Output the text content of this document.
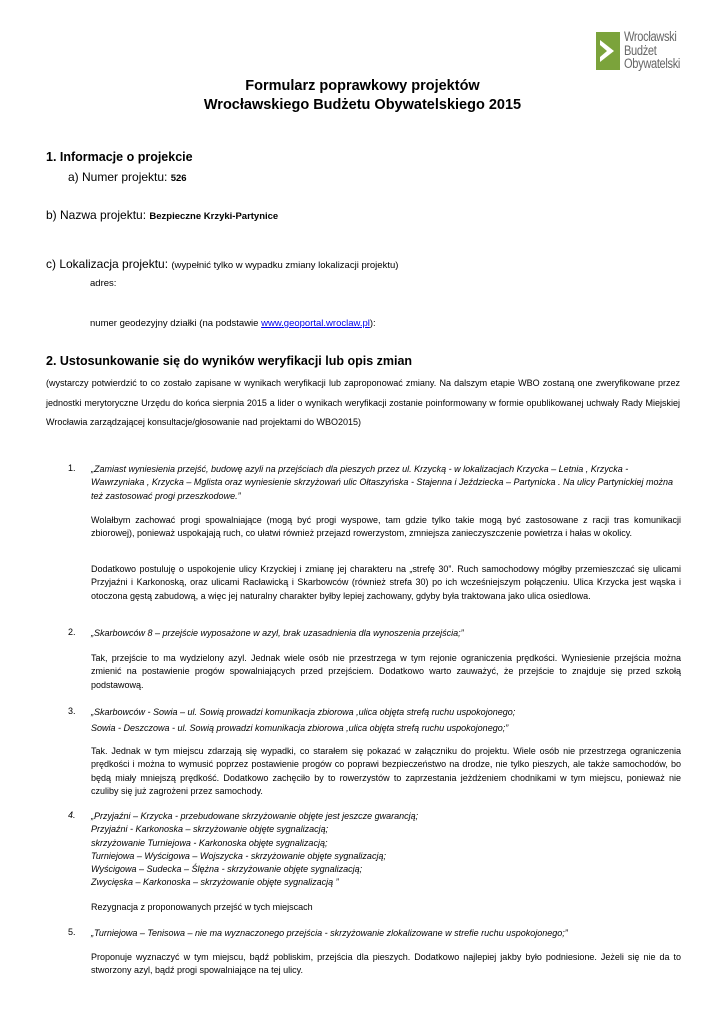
Wrocławski
Budżet
Obywatelski
Formularz poprawkowy projektów
Wrocławskiego Budżetu Obywatelskiego 2015
1. Informacje o projekcie
a) Numer projektu: 526
b) Nazwa projektu: Bezpieczne Krzyki-Partynice
c) Lokalizacja projektu: (wypełnić tylko w wypadku zmiany lokalizacji projektu)
adres:
numer geodezyjny działki (na podstawie www.geoportal.wroclaw.pl):
2. Ustosunkowanie się do wyników weryfikacji lub opis zmian
(wystarczy potwierdzić to co zostało zapisane w wynikach weryfikacji lub zaproponować zmiany. Na dalszym etapie WBO zostaną one zweryfikowane przez jednostki merytoryczne Urzędu do końca sierpnia 2015 a lider o wynikach weryfikacji zostanie poinformowany w formie opublikowanej uchwały Rady Miejskiej Wrocławia zarządzającej konsultacje/głosowanie nad projektami do WBO2015)
1. „Zamiast wyniesienia przejść, budowę azyli na przejściach dla pieszych przez ul. Krzycką - w lokalizacjach Krzycka – Letnia , Krzycka - Wawrzyniaka , Krzycka – Mglista oraz wyniesienie skrzyżowań ulic Ołtaszyńska - Stajenna i Jeździecka – Partynicka . Na ulicy Partynickiej można też zastosować progi przeszkodowe.”
Wolałbym zachować progi spowalniające (mogą być progi wyspowe, tam gdzie tylko takie mogą być zastosowane z racji tras komunikacji zbiorowej), ponieważ uspokajają ruch, co ułatwi również przejazd rowerzystom, zmniejsza zanieczyszczenie powietrza i hałas w okolicy.
Dodatkowo postuluję o uspokojenie ulicy Krzyckiej i zmianę jej charakteru na „strefę 30”. Ruch samochodowy mógłby przemieszczać się ulicami Przyjaźni i Karkonoską, oraz ulicami Racławicką i Skarbowców (również strefa 30) po ich wcześniejszym połączeniu. Ulica Krzycka jest wąska i otoczona gęstą zabudową, a więc jej naturalny charakter byłby lepiej zachowany, gdyby była traktowana jako ulica osiedlowa.
2. „Skarbowców 8 – przejście wyposażone w azyl, brak uzasadnienia dla wynoszenia przejścia;”
Tak, przejście to ma wydzielony azyl. Jednak wiele osób nie przestrzega w tym rejonie ograniczenia prędkości. Wyniesienie przejścia można zmienić na postawienie progów spowalniających przed przejściem. Dodatkowo warto zauważyć, że przejście to znajduje się przed szkołą podstawową.
3. „Skarbowców - Sowia – ul. Sowią prowadzi komunikacja zbiorowa ,ulica objęta strefą ruchu uspokojonego;
Sowia - Deszczowa - ul. Sowią prowadzi komunikacja zbiorowa ,ulica objęta strefą ruchu uspokojonego;”
Tak. Jednak w tym miejscu zdarzają się wypadki, co starałem się pokazać w załączniku do projektu. Wiele osób nie przestrzega ograniczenia prędkości i można to wymusić poprzez postawienie progów co poprawi bezpieczeństwo na drodze, nie tylko pieszych, ale także samochodów, bo będą miały mniejszą prędkość. Dodatkowo zachęciło by to rowerzystów to zaprzestania jeżdżeniem chodnikami w tym miejscu, ponieważ nie czuliby się już zagrożeni przez samochody.
4. „Przyjaźni – Krzycka - przebudowane skrzyżowanie objęte jest jeszcze gwarancją;
Przyjaźni - Karkonoska – skrzyżowanie objęte sygnalizacją;
skrzyżowanie Turniejowa - Karkonoska objęte sygnalizacją;
Turniejowa – Wyścigowa – Wojszycka - skrzyżowanie objęte sygnalizacją;
Wyścigowa – Sudecka – Ślężna - skrzyżowanie objęte sygnalizacją;
Zwycięska – Karkonoska – skrzyżowanie objęte sygnalizacją ”
Rezygnacja z proponowanych przejść w tych miejscach
5. „Turniejowa – Tenisowa – nie ma wyznaczonego przejścia - skrzyżowanie zlokalizowane w strefie ruchu uspokojonego;”
Proponuje wyznaczyć w tym miejscu, bądź pobliskim, przejścia dla pieszych. Dodatkowo najlepiej jakby było podniesione. Jeżeli się nie da to stworzony azyl, bądź progi spowalniające na tej ulicy.
